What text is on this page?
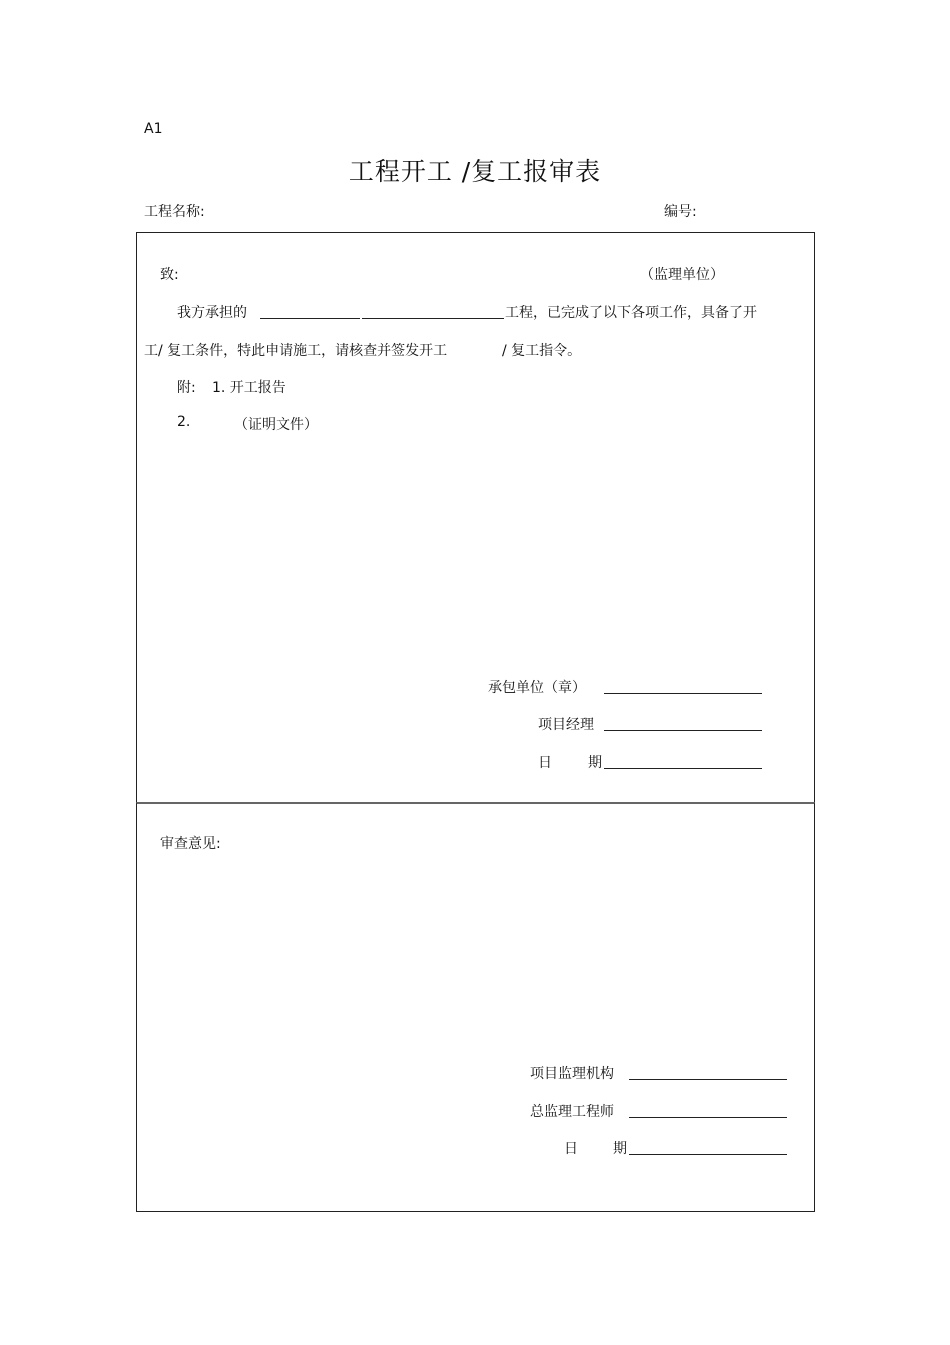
A1
工程开工 /复工报审表
工程名称:	编号:
致:	（监理单位）
我方承担的	工程，已完成了以下各项工作，具备了开
工/ 复工条件，特此申请施工，请核查并签发开工	/ 复工指令。
附: 1. 开工报告
2.	（证明文件）
承包单位（章）
项目经理
日	期
审查意见:
项目监理机构
总监理工程师
日	期
